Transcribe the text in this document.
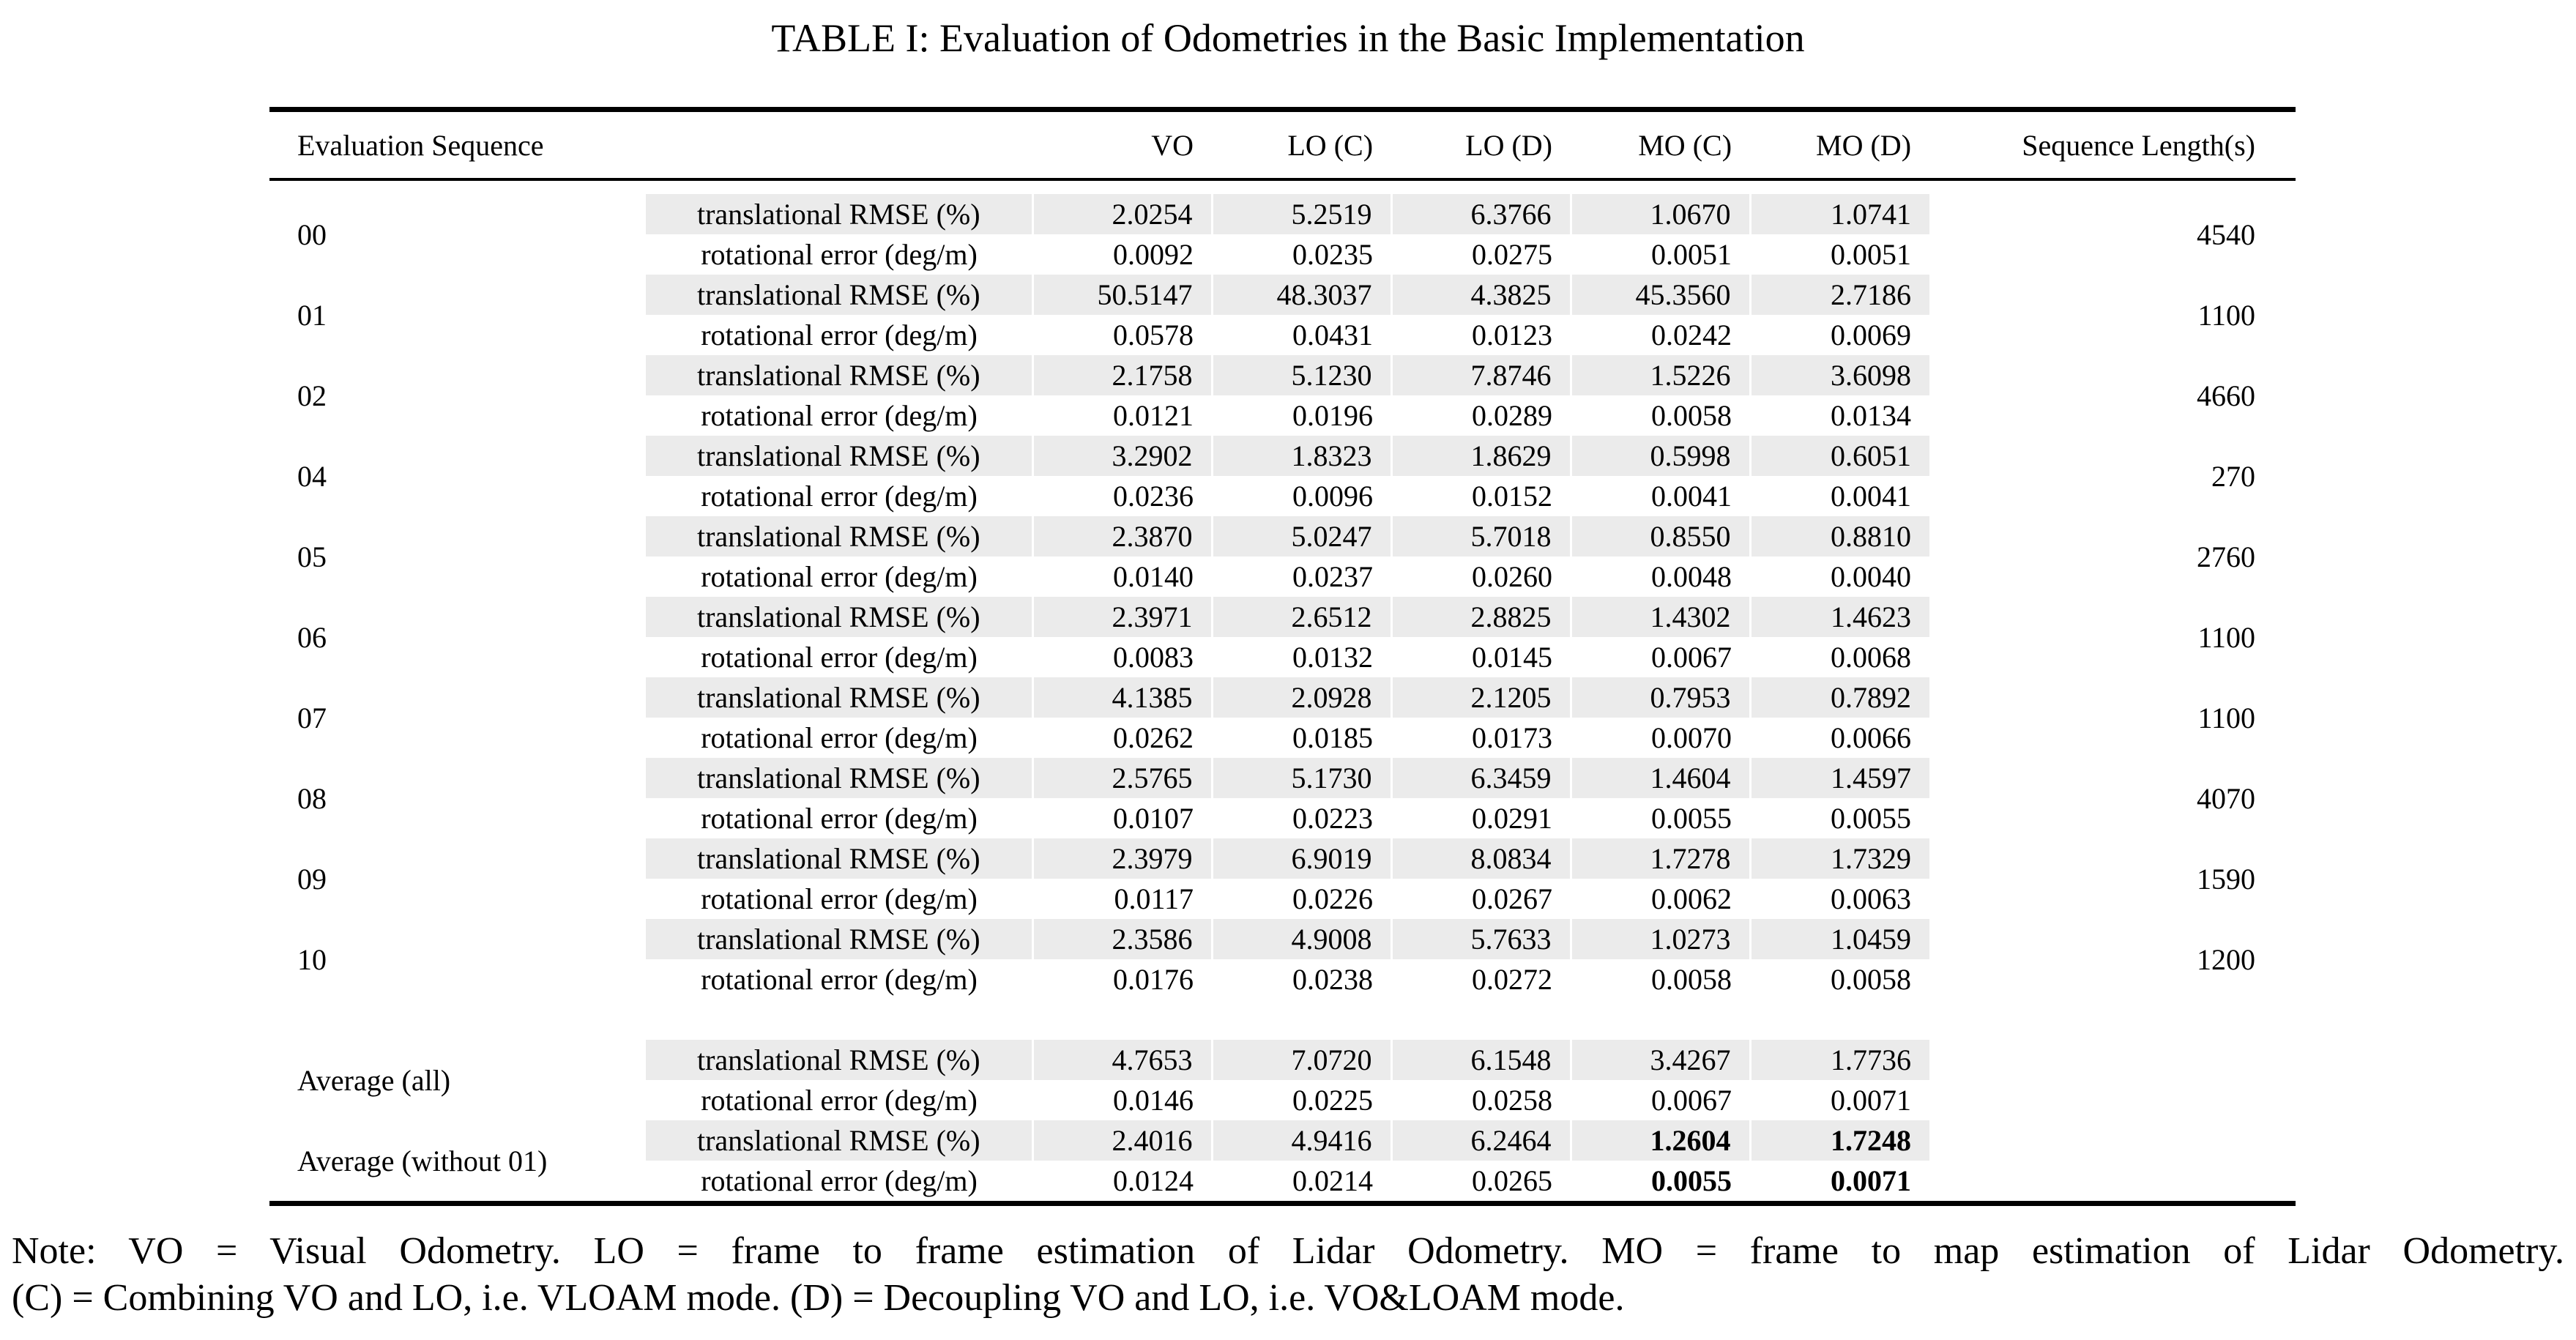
TABLE I: Evaluation of Odometries in the Basic Implementation
Evaluation Sequence		VO	LO (C)	LO (D)	MO (C)	MO (D)	Sequence Length(s)

00	translational RMSE (%)	2.0254	5.2519	6.3766	1.0670	1.0741	4540
	rotational error (deg/m)	0.0092	0.0235	0.0275	0.0051	0.0051	
01	translational RMSE (%)	50.5147	48.3037	4.3825	45.3560	2.7186	1100
	rotational error (deg/m)	0.0578	0.0431	0.0123	0.0242	0.0069	
02	translational RMSE (%)	2.1758	5.1230	7.8746	1.5226	3.6098	4660
	rotational error (deg/m)	0.0121	0.0196	0.0289	0.0058	0.0134	
04	translational RMSE (%)	3.2902	1.8323	1.8629	0.5998	0.6051	270
	rotational error (deg/m)	0.0236	0.0096	0.0152	0.0041	0.0041	
05	translational RMSE (%)	2.3870	5.0247	5.7018	0.8550	0.8810	2760
	rotational error (deg/m)	0.0140	0.0237	0.0260	0.0048	0.0040	
06	translational RMSE (%)	2.3971	2.6512	2.8825	1.4302	1.4623	1100
	rotational error (deg/m)	0.0083	0.0132	0.0145	0.0067	0.0068	
07	translational RMSE (%)	4.1385	2.0928	2.1205	0.7953	0.7892	1100
	rotational error (deg/m)	0.0262	0.0185	0.0173	0.0070	0.0066	
08	translational RMSE (%)	2.5765	5.1730	6.3459	1.4604	1.4597	4070
	rotational error (deg/m)	0.0107	0.0223	0.0291	0.0055	0.0055	
09	translational RMSE (%)	2.3979	6.9019	8.0834	1.7278	1.7329	1590
	rotational error (deg/m)	0.0117	0.0226	0.0267	0.0062	0.0063	
10	translational RMSE (%)	2.3586	4.9008	5.7633	1.0273	1.0459	1200
	rotational error (deg/m)	0.0176	0.0238	0.0272	0.0058	0.0058	

Average (all)	translational RMSE (%)	4.7653	7.0720	6.1548	3.4267	1.7736	
	rotational error (deg/m)	0.0146	0.0225	0.0258	0.0067	0.0071	
Average (without 01)	translational RMSE (%)	2.4016	4.9416	6.2464	1.2604	1.7248	
	rotational error (deg/m)	0.0124	0.0214	0.0265	0.0055	0.0071	
Note: VO = Visual Odometry. LO = frame to frame estimation of Lidar Odometry. MO = frame to map estimation of Lidar Odometry.
(C) = Combining VO and LO, i.e. VLOAM mode. (D) = Decoupling VO and LO, i.e. VO&LOAM mode.
